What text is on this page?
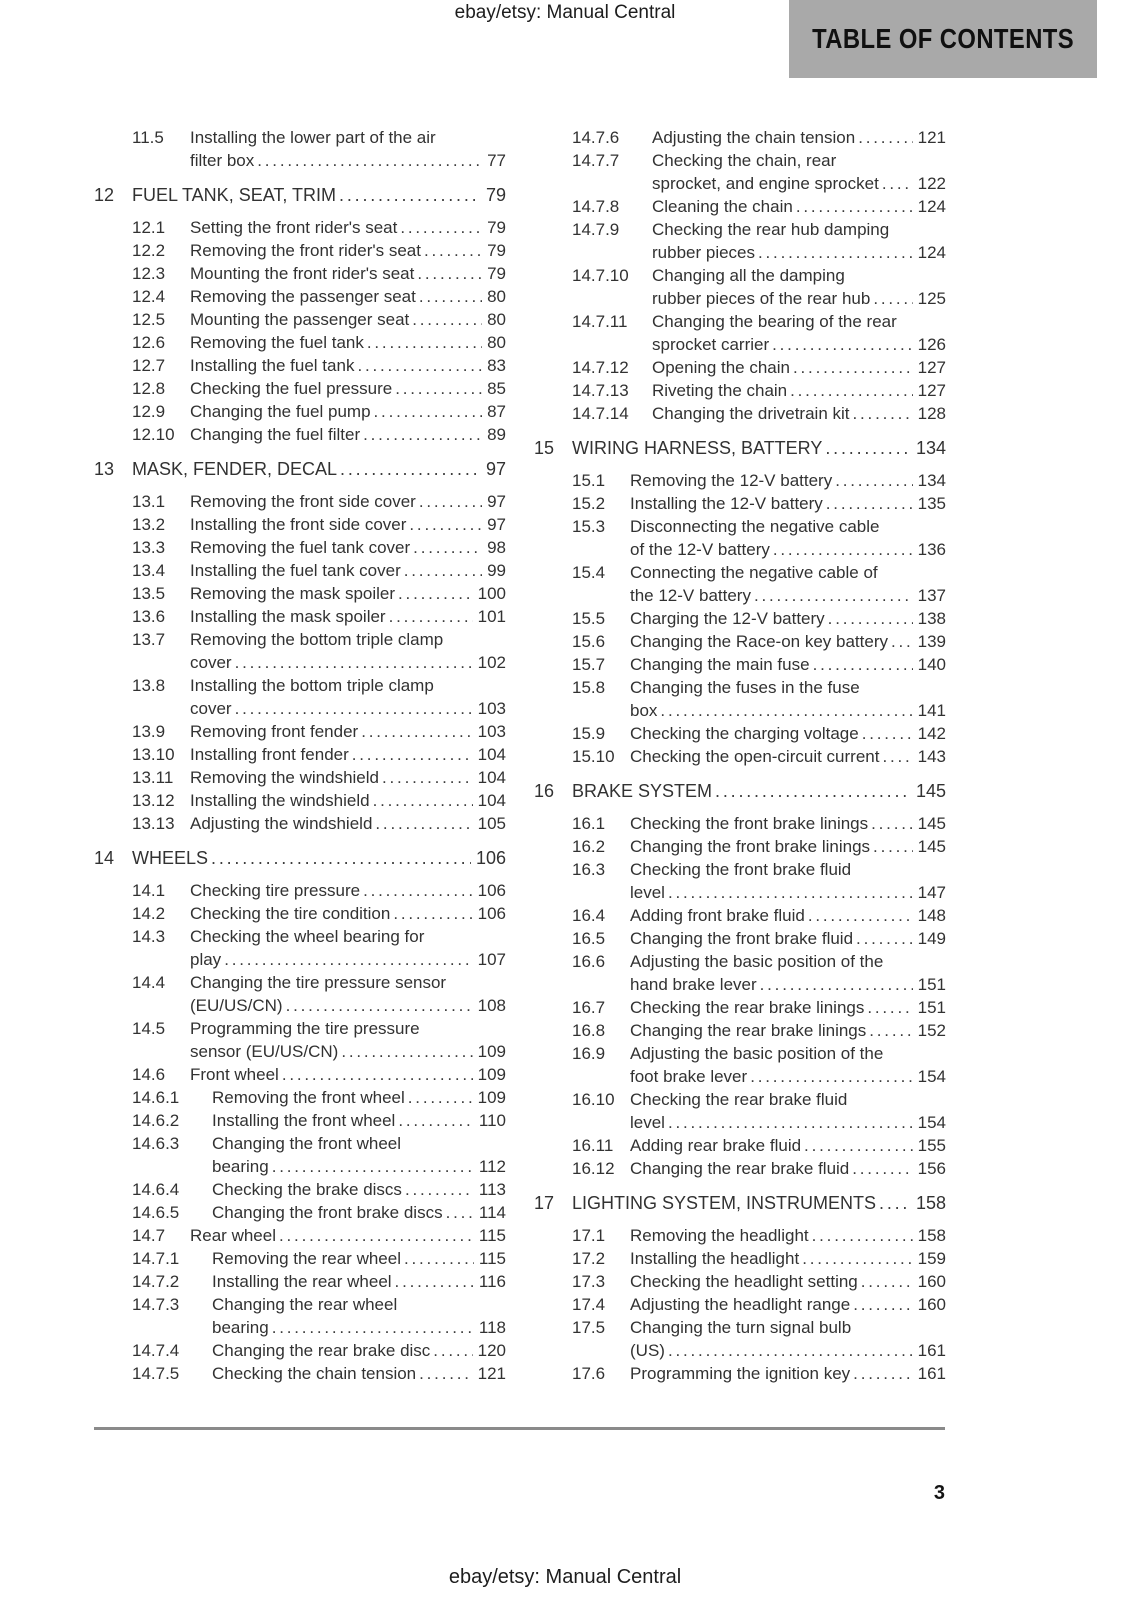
ebay/etsy: Manual Central
TABLE OF CONTENTS
11.5	Installing the lower part of the air
filter box .....	77
12 FUEL TANK, SEAT, TRIM .....	79
12.1	Setting the front rider's seat .....	79
12.2	Removing the front rider's seat .....	79
12.3	Mounting the front rider's seat .....	79
12.4	Removing the passenger seat .....	80
12.5	Mounting the passenger seat .....	80
12.6	Removing the fuel tank .....	80
12.7	Installing the fuel tank .....	83
12.8	Checking the fuel pressure .....	85
12.9	Changing the fuel pump .....	87
12.10 Changing the fuel filter .....	89
13 MASK, FENDER, DECAL .....	97
13.1	Removing the front side cover .....	97
13.2	Installing the front side cover .....	97
13.3	Removing the fuel tank cover .....	98
13.4	Installing the fuel tank cover .....	99
13.5	Removing the mask spoiler .....	100
13.6	Installing the mask spoiler .....	101
13.7	Removing the bottom triple clamp
cover .....	102
13.8	Installing the bottom triple clamp
cover .....	103
13.9	Removing front fender .....	103
13.10 Installing front fender .....	104
13.11 Removing the windshield .....	104
13.12 Installing the windshield .....	104
13.13 Adjusting the windshield .....	105
14 WHEELS .....	106
14.1	Checking tire pressure .....	106
14.2	Checking the tire condition .....	106
14.3	Checking the wheel bearing for
play .....	107
14.4	Changing the tire pressure sensor
(EU/US/CN) .....	108
14.5	Programming the tire pressure
sensor (EU/US/CN) .....	109
14.6	Front wheel .....	109
14.6.1	Removing the front wheel .....	109
14.6.2	Installing the front wheel .....	110
14.6.3	Changing the front wheel
bearing .....	112
14.6.4	Checking the brake discs .....	113
14.6.5	Changing the front brake discs ..... 114
14.7	Rear wheel .....	115
14.7.1	Removing the rear wheel .....	115
14.7.2	Installing the rear wheel .....	116
14.7.3	Changing the rear wheel
bearing .....	118
14.7.4	Changing the rear brake disc .....	120
14.7.5	Checking the chain tension .....	121
14.7.6	Adjusting the chain tension .....	121
14.7.7	Checking the chain, rear
sprocket, and engine sprocket ..... 122
14.7.8	Cleaning the chain .....	124
14.7.9	Checking the rear hub damping
rubber pieces .....	124
14.7.10	Changing all the damping
rubber pieces of the rear hub .....	125
14.7.11	Changing the bearing of the rear
sprocket carrier .....	126
14.7.12	Opening the chain .....	127
14.7.13	Riveting the chain .....	127
14.7.14	Changing the drivetrain kit .....	128
15 WIRING HARNESS, BATTERY .....	134
15.1	Removing the 12-V battery .....	134
15.2	Installing the 12-V battery .....	135
15.3	Disconnecting the negative cable
of the 12-V battery .....	136
15.4	Connecting the negative cable of
the 12-V battery .....	137
15.5	Charging the 12-V battery .....	138
15.6	Changing the Race-on key battery ..... 139
15.7	Changing the main fuse .....	140
15.8	Changing the fuses in the fuse
box .....	141
15.9	Checking the charging voltage .....	142
15.10 Checking the open-circuit current ..... 143
16 BRAKE SYSTEM .....	145
16.1	Checking the front brake linings .....	145
16.2	Changing the front brake linings .....	145
16.3	Checking the front brake fluid
level .....	147
16.4	Adding front brake fluid .....	148
16.5	Changing the front brake fluid .....	149
16.6	Adjusting the basic position of the
hand brake lever .....	151
16.7	Checking the rear brake linings .....	151
16.8	Changing the rear brake linings .....	152
16.9	Adjusting the basic position of the
foot brake lever .....	154
16.10 Checking the rear brake fluid
level .....	154
16.11 Adding rear brake fluid .....	155
16.12 Changing the rear brake fluid .....	156
17 LIGHTING SYSTEM, INSTRUMENTS ..... 158
17.1	Removing the headlight .....	158
17.2	Installing the headlight .....	159
17.3	Checking the headlight setting .....	160
17.4	Adjusting the headlight range .....	160
17.5	Changing the turn signal bulb
(US) .....	161
17.6	Programming the ignition key .....	161
3
ebay/etsy: Manual Central
